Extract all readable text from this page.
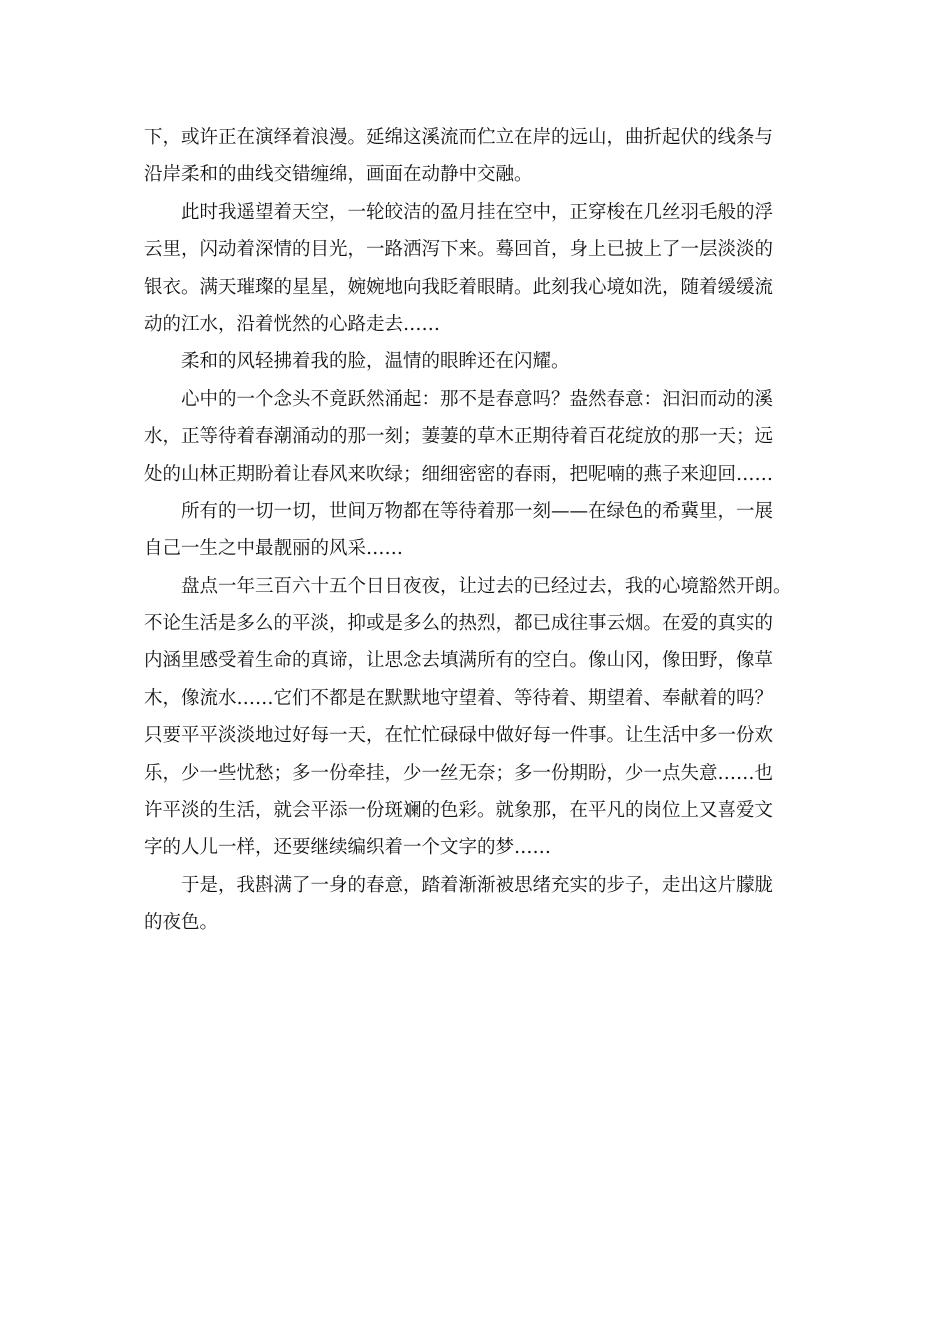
下，或许正在演绎着浪漫。延绵这溪流而伫立在岸的远山，曲折起伏的线条与
沿岸柔和的曲线交错缠绵，画面在动静中交融。
此时我遥望着天空，一轮皎洁的盈月挂在空中，正穿梭在几丝羽毛般的浮
云里，闪动着深情的目光，一路洒泻下来。蓦回首，身上已披上了一层淡淡的
银衣。满天璀璨的星星，婉婉地向我眨着眼睛。此刻我心境如洗，随着缓缓流
动的江水，沿着恍然的心路走去……
柔和的风轻拂着我的脸，温情的眼眸还在闪耀。
心中的一个念头不竟跃然涌起：那不是春意吗？盎然春意：汩汩而动的溪
水，正等待着春潮涌动的那一刻；萋萋的草木正期待着百花绽放的那一天；远
处的山林正期盼着让春风来吹绿；细细密密的春雨，把呢喃的燕子来迎回……
所有的一切一切，世间万物都在等待着那一刻——在绿色的希冀里，一展
自己一生之中最靓丽的风采……
盘点一年三百六十五个日日夜夜，让过去的已经过去，我的心境豁然开朗。
不论生活是多么的平淡，抑或是多么的热烈，都已成往事云烟。在爱的真实的
内涵里感受着生命的真谛，让思念去填满所有的空白。像山冈，像田野，像草
木，像流水……它们不都是在默默地守望着、等待着、期望着、奉献着的吗？
只要平平淡淡地过好每一天，在忙忙碌碌中做好每一件事。让生活中多一份欢
乐，少一些忧愁；多一份牵挂，少一丝无奈；多一份期盼，少一点失意……也
许平淡的生活，就会平添一份斑斓的色彩。就象那，在平凡的岗位上又喜爱文
字的人儿一样，还要继续编织着一个文字的梦……
于是，我斟满了一身的春意，踏着渐渐被思绪充实的步子，走出这片朦胧
的夜色。
